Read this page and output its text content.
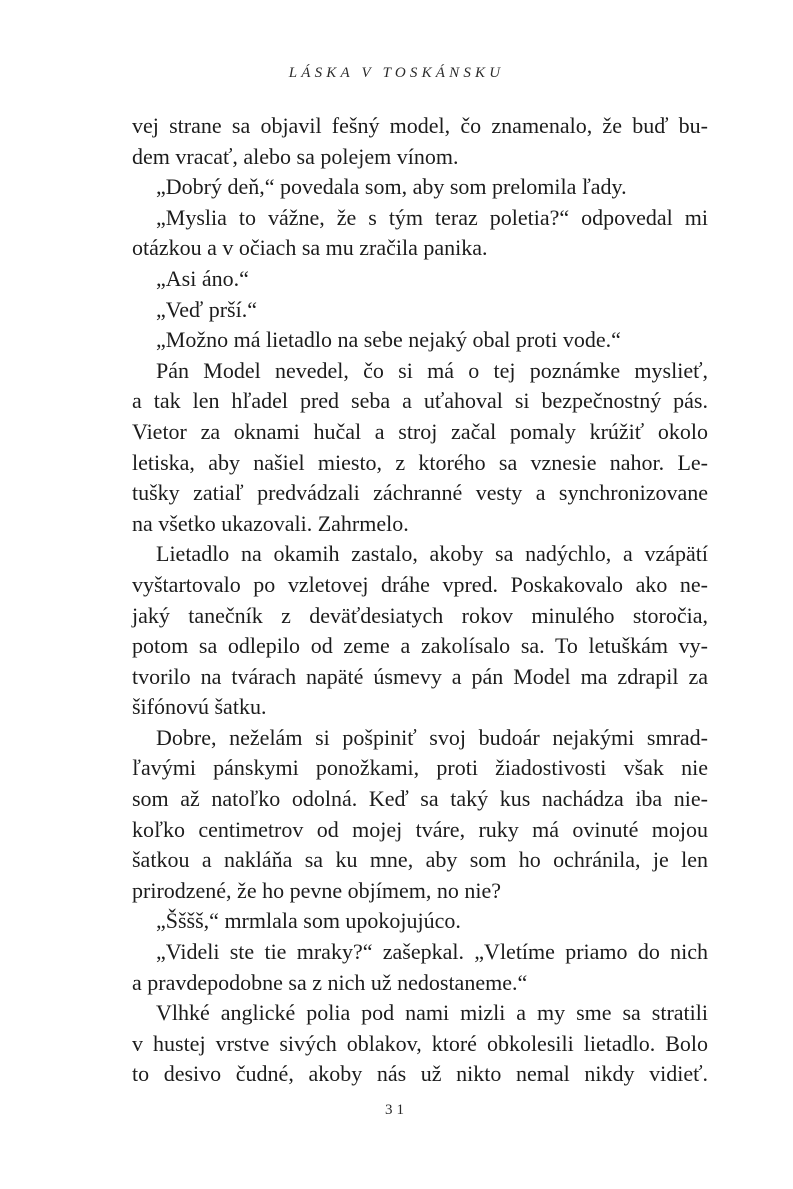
LÁSKA V TOSKÁNSKU
vej strane sa objavil fešný model, čo znamenalo, že buď bu-
dem vracať, alebo sa polejem vínom.
„Dobrý deň,“ povedala som, aby som prelomila ľady.
„Myslia to vážne, že s tým teraz poletia?“ odpovedal mi
otázkou a v očiach sa mu zračila panika.
„Asi áno.“
„Veď prší.“
„Možno má lietadlo na sebe nejaký obal proti vode.“
Pán Model nevedel, čo si má o tej poznámke myslieť,
a tak len hľadel pred seba a uťahoval si bezpečnostný pás.
Vietor za oknami hučal a stroj začal pomaly krúžiť okolo
letiska, aby našiel miesto, z ktorého sa vznesie nahor. Le-
tušky zatiaľ predvádzali záchranné vesty a synchronizovane
na všetko ukazovali. Zahrmelo.
Lietadlo na okamih zastalo, akoby sa nadýchlo, a vzápätí
vyštartovalo po vzletovej dráhe vpred. Poskakovalo ako ne-
jaký tanečník z deväťdesiatych rokov minulého storočia,
potom sa odlepilo od zeme a zakolísalo sa. To letuškám vy-
tvorilo na tvárach napäté úsmevy a pán Model ma zdrapil za
šifónovú šatku.
Dobre, neželám si pošpiniť svoj budoár nejakými smrad-
ľavými pánskymi ponožkami, proti žiadostivosti však nie
som až natoľko odolná. Keď sa taký kus nachádza iba nie-
koľko centimetrov od mojej tváre, ruky má ovinuté mojou
šatkou a nakláňa sa ku mne, aby som ho ochránila, je len
prirodzené, že ho pevne objímem, no nie?
„Šššš,“ mrmlala som upokojujúco.
„Videli ste tie mraky?“ zašepkal. „Vletíme priamo do nich
a pravdepodobne sa z nich už nedostaneme.“
Vlhké anglické polia pod nami mizli a my sme sa stratili
v hustej vrstve sivých oblakov, ktoré obkolesili lietadlo. Bolo
to desivo čudné, akoby nás už nikto nemal nikdy vidieť.
31
